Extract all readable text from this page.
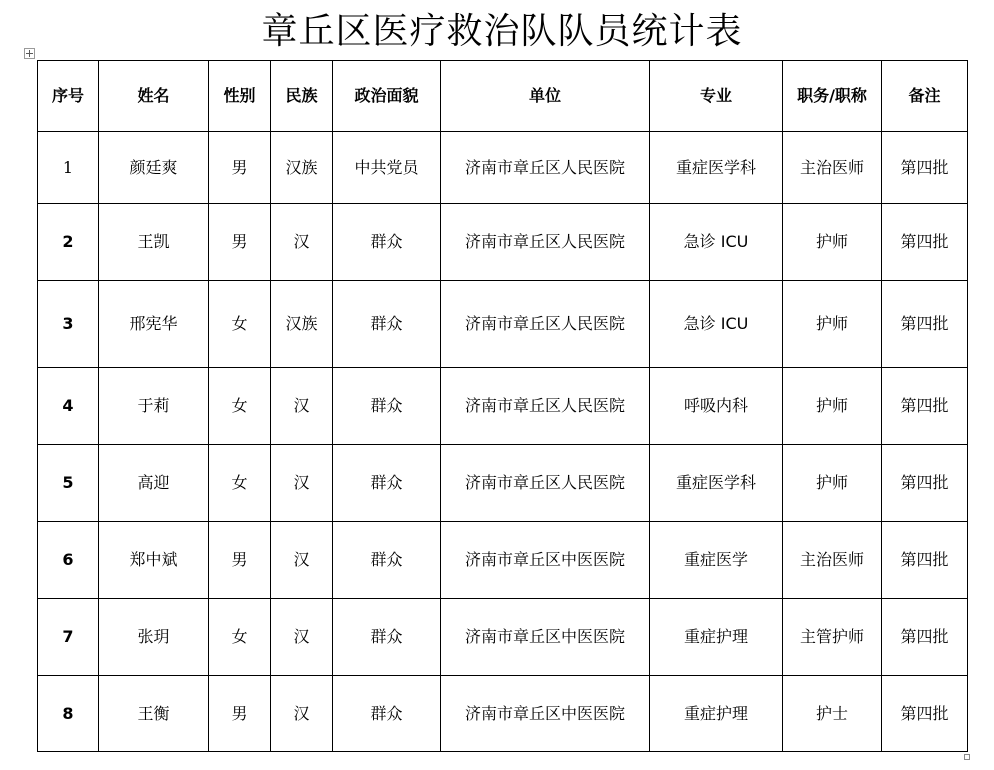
章丘区医疗救治队队员统计表
序号	姓名	性别	民族	政治面貌	单位	专业	职务/职称	备注
1	颜廷爽	男	汉族	中共党员	济南市章丘区人民医院	重症医学科	主治医师	第四批
2	王凯	男	汉	群众	济南市章丘区人民医院	急诊 ICU	护师	第四批
3	邢宪华	女	汉族	群众	济南市章丘区人民医院	急诊 ICU	护师	第四批
4	于莉	女	汉	群众	济南市章丘区人民医院	呼吸内科	护师	第四批
5	高迎	女	汉	群众	济南市章丘区人民医院	重症医学科	护师	第四批
6	郑中斌	男	汉	群众	济南市章丘区中医医院	重症医学	主治医师	第四批
7	张玥	女	汉	群众	济南市章丘区中医医院	重症护理	主管护师	第四批
8	王衡	男	汉	群众	济南市章丘区中医医院	重症护理	护士	第四批
